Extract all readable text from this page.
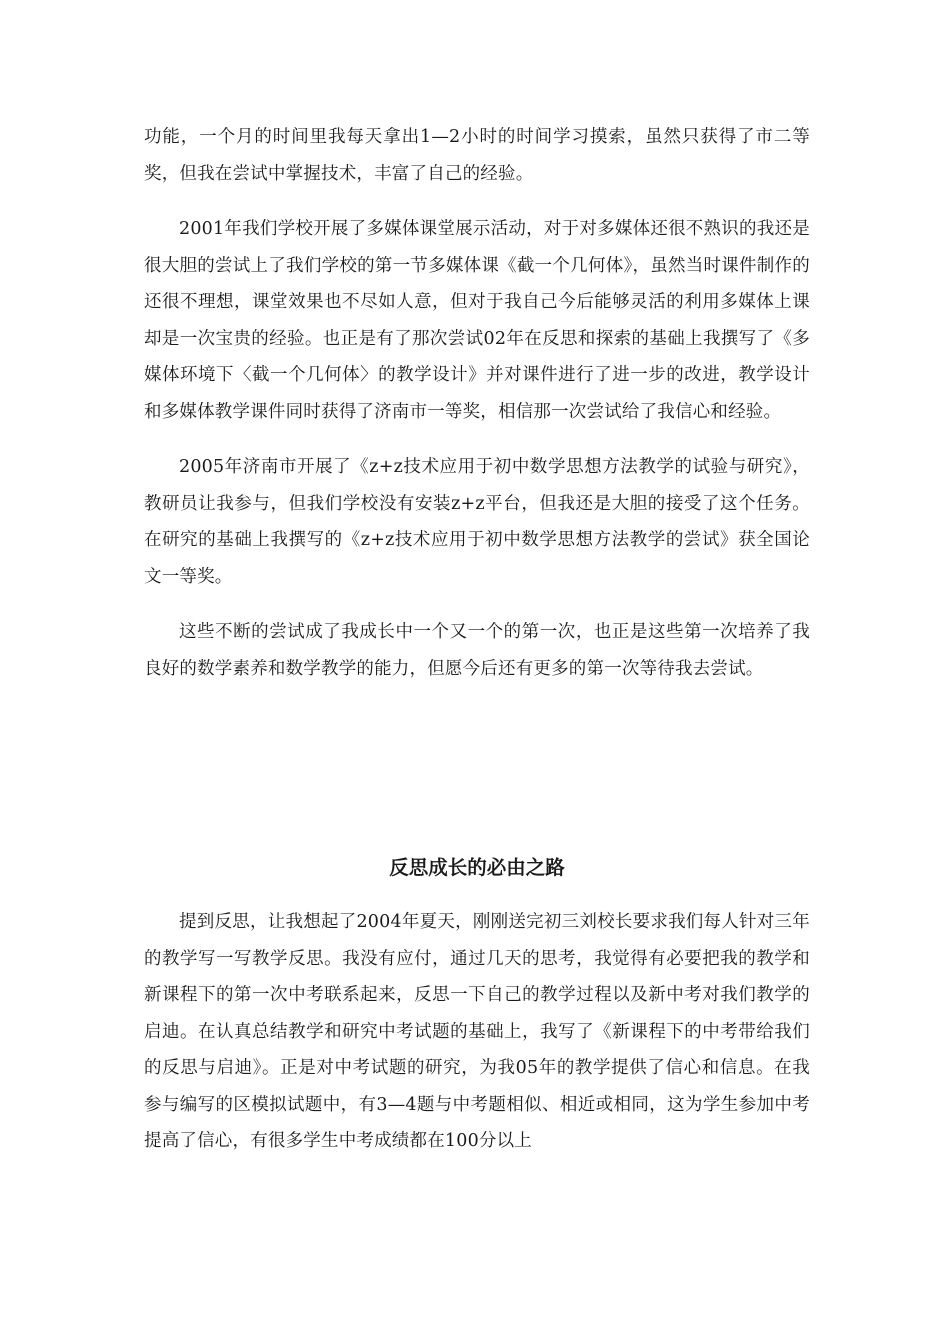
功能，一个月的时间里我每天拿出1—2小时的时间学习摸索，虽然只获得了市二等奖，但我在尝试中掌握技术，丰富了自己的经验。

2001年我们学校开展了多媒体课堂展示活动，对于对多媒体还很不熟识的我还是很大胆的尝试上了我们学校的第一节多媒体课《截一个几何体》，虽然当时课件制作的还很不理想，课堂效果也不尽如人意，但对于我自己今后能够灵活的利用多媒体上课却是一次宝贵的经验。也正是有了那次尝试02年在反思和探索的基础上我撰写了《多媒体环境下〈截一个几何体〉的教学设计》并对课件进行了进一步的改进，教学设计和多媒体教学课件同时获得了济南市一等奖，相信那一次尝试给了我信心和经验。

2005年济南市开展了《z+z技术应用于初中数学思想方法教学的试验与研究》，教研员让我参与，但我们学校没有安装z+z平台，但我还是大胆的接受了这个任务。在研究的基础上我撰写的《z+z技术应用于初中数学思想方法教学的尝试》获全国论文一等奖。

这些不断的尝试成了我成长中一个又一个的第一次，也正是这些第一次培养了我良好的数学素养和数学教学的能力，但愿今后还有更多的第一次等待我去尝试。

反思成长的必由之路

提到反思，让我想起了2004年夏天，刚刚送完初三刘校长要求我们每人针对三年的教学写一写教学反思。我没有应付，通过几天的思考，我觉得有必要把我的教学和新课程下的第一次中考联系起来，反思一下自己的教学过程以及新中考对我们教学的启迪。在认真总结教学和研究中考试题的基础上，我写了《新课程下的中考带给我们的反思与启迪》。正是对中考试题的研究，为我05年的教学提供了信心和信息。在我参与编写的区模拟试题中，有3—4题与中考题相似、相近或相同，这为学生参加中考提高了信心，有很多学生中考成绩都在100分以上
